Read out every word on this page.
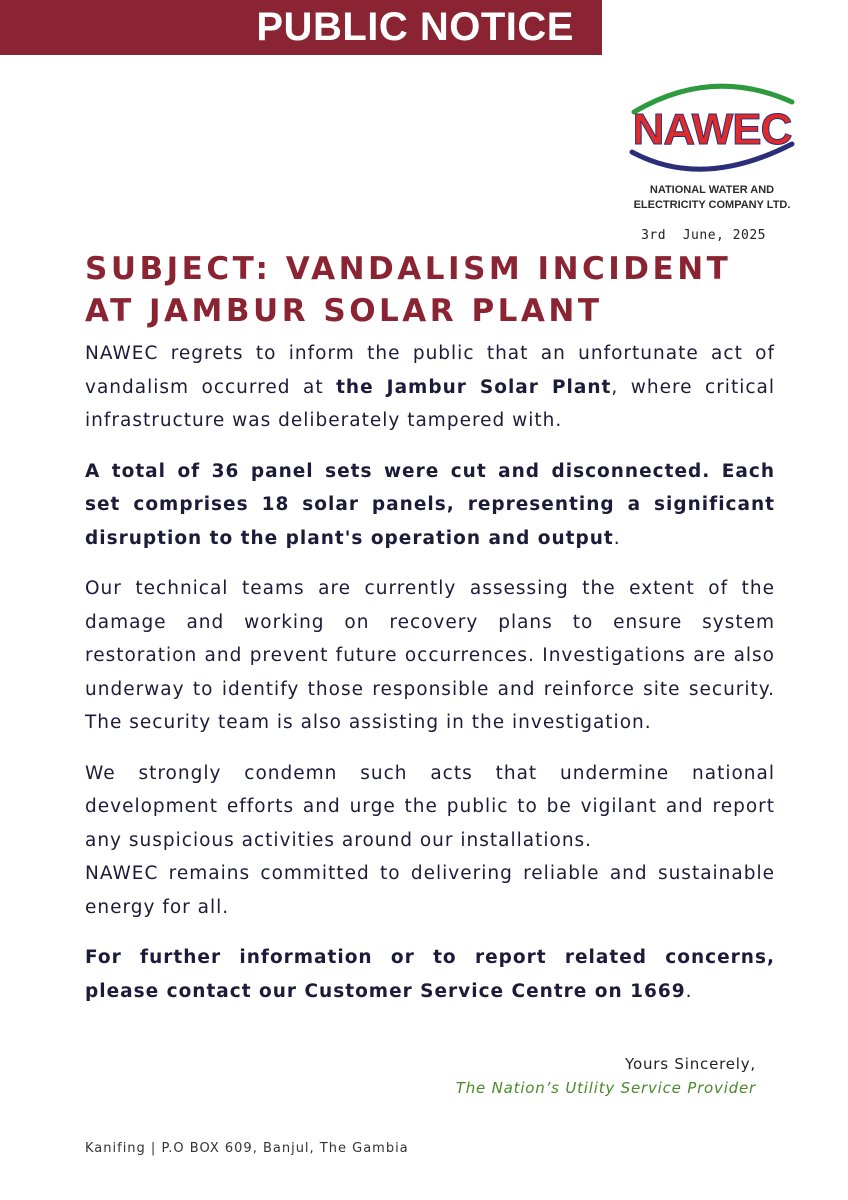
PUBLIC NOTICE
NAWEC
NATIONAL WATER AND
ELECTRICITY COMPANY LTD.
3rd  June, 2025
SUBJECT: VANDALISM INCIDENT AT JAMBUR SOLAR PLANT

NAWEC regrets to inform the public that an unfortunate act of vandalism occurred at the Jambur Solar Plant, where critical infrastructure was deliberately tampered with.

A total of 36 panel sets were cut and disconnected. Each set comprises 18 solar panels, representing a significant disruption to the plant's operation and output.

Our technical teams are currently assessing the extent of the damage and working on recovery plans to ensure system restoration and prevent future occurrences. Investigations are also underway to identify those responsible and reinforce site security. The security team is also assisting in the investigation.

We strongly condemn such acts that undermine national development efforts and urge the public to be vigilant and report any suspicious activities around our installations.
NAWEC remains committed to delivering reliable and sustainable energy for all.

For further information or to report related concerns, please contact our Customer Service Centre on 1669.

Yours Sincerely,
The Nation’s Utility Service Provider
Kanifing | P.O BOX 609, Banjul, The Gambia
